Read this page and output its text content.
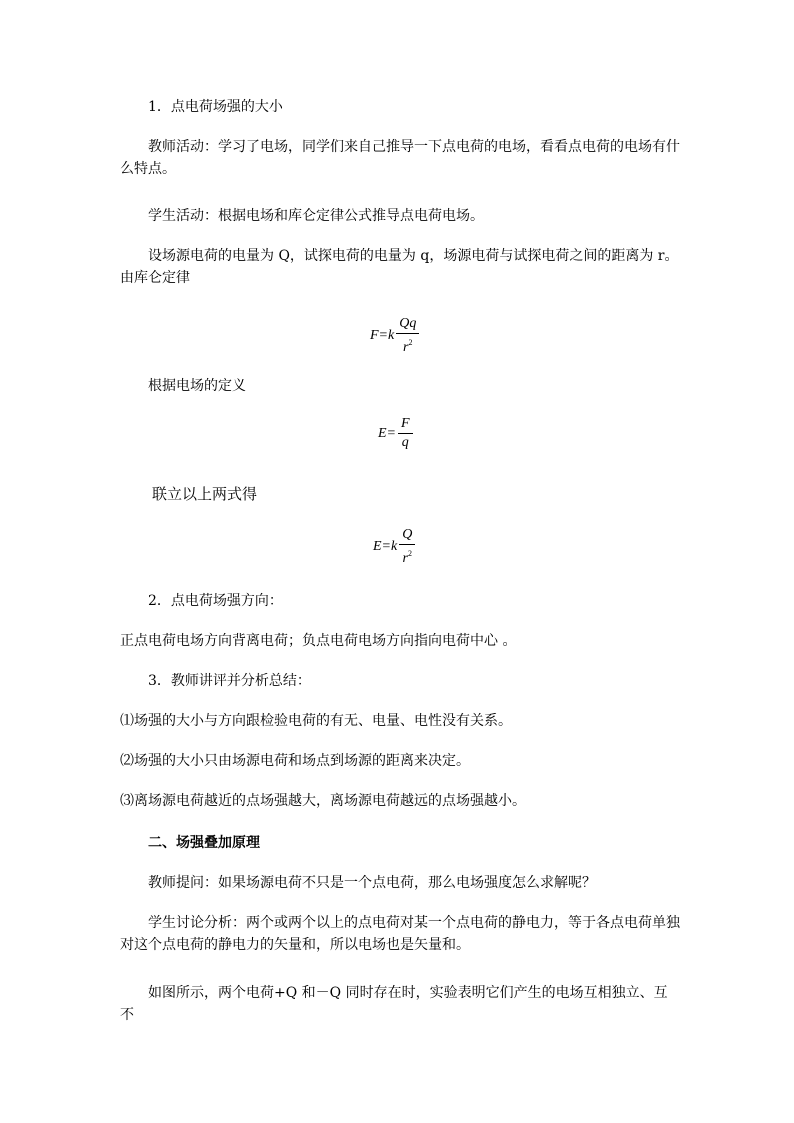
1．点电荷场强的大小
教师活动：学习了电场，同学们来自己推导一下点电荷的电场，看看点电荷的电场有什么特点。
学生活动：根据电场和库仑定律公式推导点电荷电场。
设场源电荷的电量为 Q，试探电荷的电量为 q，场源电荷与试探电荷之间的距离为 r。由库仑定律
$F=k \frac{Qq}{r^2}$
根据电场的定义
$E= \frac{F}{q}$
联立以上两式得
$E=k \frac{Q}{r^2}$
2．点电荷场强方向：
正点电荷电场方向背离电荷；负点电荷电场方向指向电荷中心 。
3．教师讲评并分析总结：
⑴场强的大小与方向跟检验电荷的有无、电量、电性没有关系。
⑵场强的大小只由场源电荷和场点到场源的距离来决定。
⑶离场源电荷越近的点场强越大，离场源电荷越远的点场强越小。
二、场强叠加原理
教师提问：如果场源电荷不只是一个点电荷，那么电场强度怎么求解呢？
学生讨论分析：两个或两个以上的点电荷对某一个点电荷的静电力，等于各点电荷单独对这个点电荷的静电力的矢量和，所以电场也是矢量和。
如图所示，两个电荷+Q 和－Q 同时存在时，实验表明它们产生的电场互相独立、互不
